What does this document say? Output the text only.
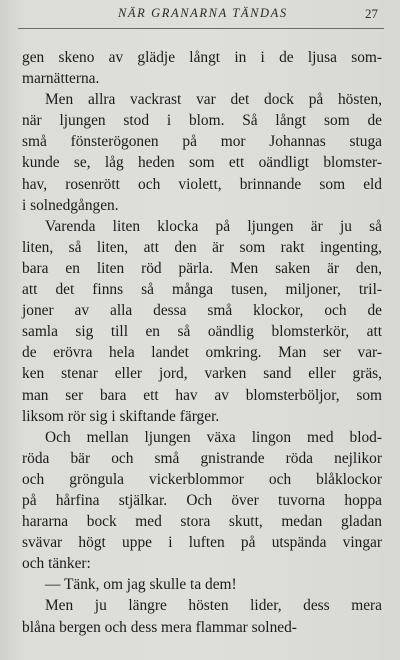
NÄR GRANARNA TÄNDAS	27

gen skeno av glädje långt in i de ljusa som-
marnätterna.

Men allra vackrast var det dock på hösten,
när ljungen stod i blom. Så långt som de
små fönsterögonen på mor Johannas stuga
kunde se, låg heden som ett oändligt blomster-
hav, rosenrött och violett, brinnande som eld
i solnedgången.

Varenda liten klocka på ljungen är ju så
liten, så liten, att den är som rakt ingenting,
bara en liten röd pärla. Men saken är den,
att det finns så många tusen, miljoner, tril-
joner av alla dessa små klockor, och de
samla sig till en så oändlig blomsterkör, att
de erövra hela landet omkring. Man ser var-
ken stenar eller jord, varken sand eller gräs,
man ser bara ett hav av blomsterböljor, som
liksom rör sig i skiftande färger.

Och mellan ljungen växa lingon med blod-
röda bär och små gnistrande röda nejlikor
och gröngula vickerblommor och blåklockor
på hårfina stjälkar. Och över tuvorna hoppa
hararna bock med stora skutt, medan gladan
svävar högt uppe i luften på utspända vingar
och tänker:

— Tänk, om jag skulle ta dem!

Men ju längre hösten lider, dess mera
blåna bergen och dess mera flammar solned-
